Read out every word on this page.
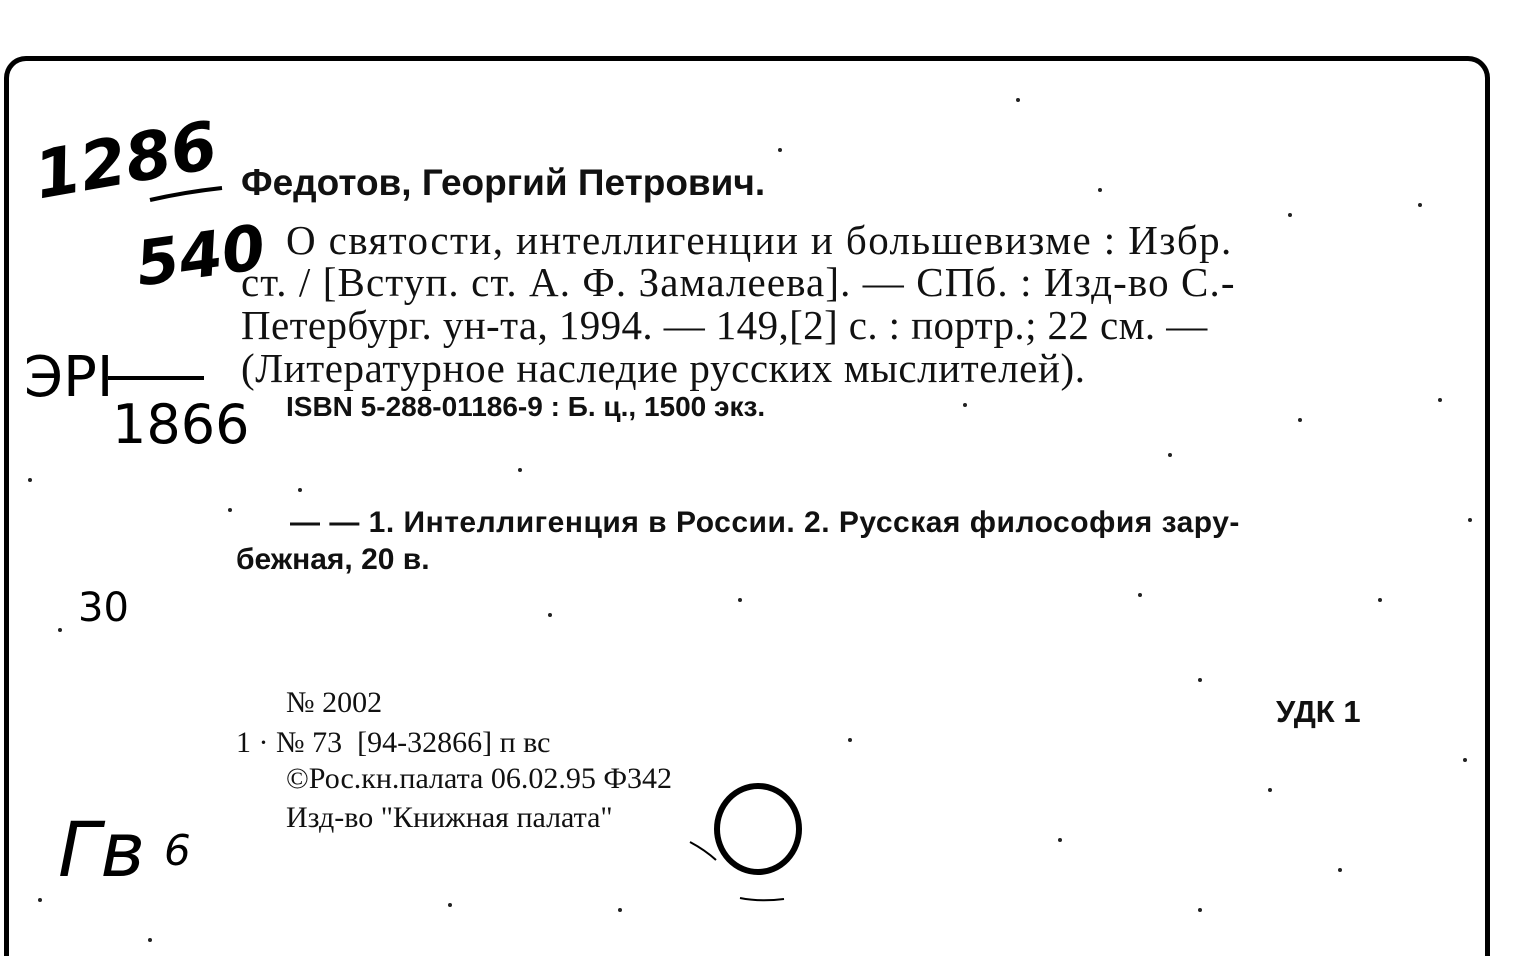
1286
540
ЭРI
1866
30
Гв 6
Федотов, Георгий Петрович.
О святости, интеллигенции и большевизме : Избр.
ст. / [Вступ. ст. А. Ф. Замалеева]. — СПб. : Изд-во С.-
Петербург. ун-та, 1994. — 149,[2] с. : портр.; 22 см. —
(Литературное наследие русских мыслителей).
ISBN 5-288-01186-9 : Б. ц., 1500 экз.
— — 1. Интеллигенция в России. 2. Русская философия зару-
бежная, 20 в.
№ 2002
1 · № 73  [94-32866] п вс
©Рос.кн.палата 06.02.95 Ф342
Изд-во "Книжная палата"
УДК 1
